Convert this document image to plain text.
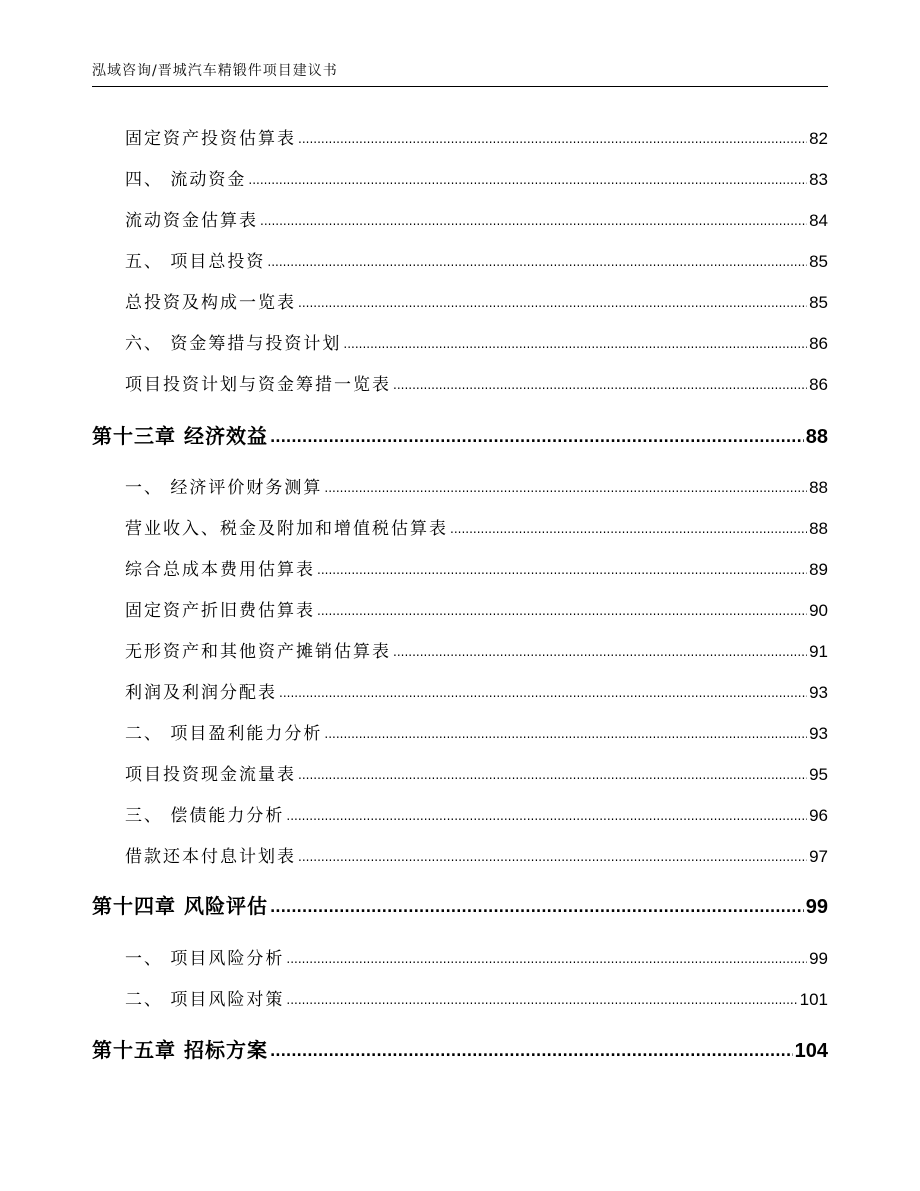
泓域咨询/晋城汽车精锻件项目建议书
固定资产投资估算表 .....	82
四、 流动资金 .....	83
流动资金估算表 .....	84
五、 项目总投资 .....	85
总投资及构成一览表 .....	85
六、 资金筹措与投资计划 .....	86
项目投资计划与资金筹措一览表 .....	86
第十三章 经济效益 .....	88
一、 经济评价财务测算 .....	88
营业收入、税金及附加和增值税估算表 .....	88
综合总成本费用估算表 .....	89
固定资产折旧费估算表 .....	90
无形资产和其他资产摊销估算表 .....	91
利润及利润分配表 .....	93
二、 项目盈利能力分析 .....	93
项目投资现金流量表 .....	95
三、 偿债能力分析 .....	96
借款还本付息计划表 .....	97
第十四章 风险评估 .....	99
一、 项目风险分析 .....	99
二、 项目风险对策 .....	101
第十五章 招标方案 .....	104
